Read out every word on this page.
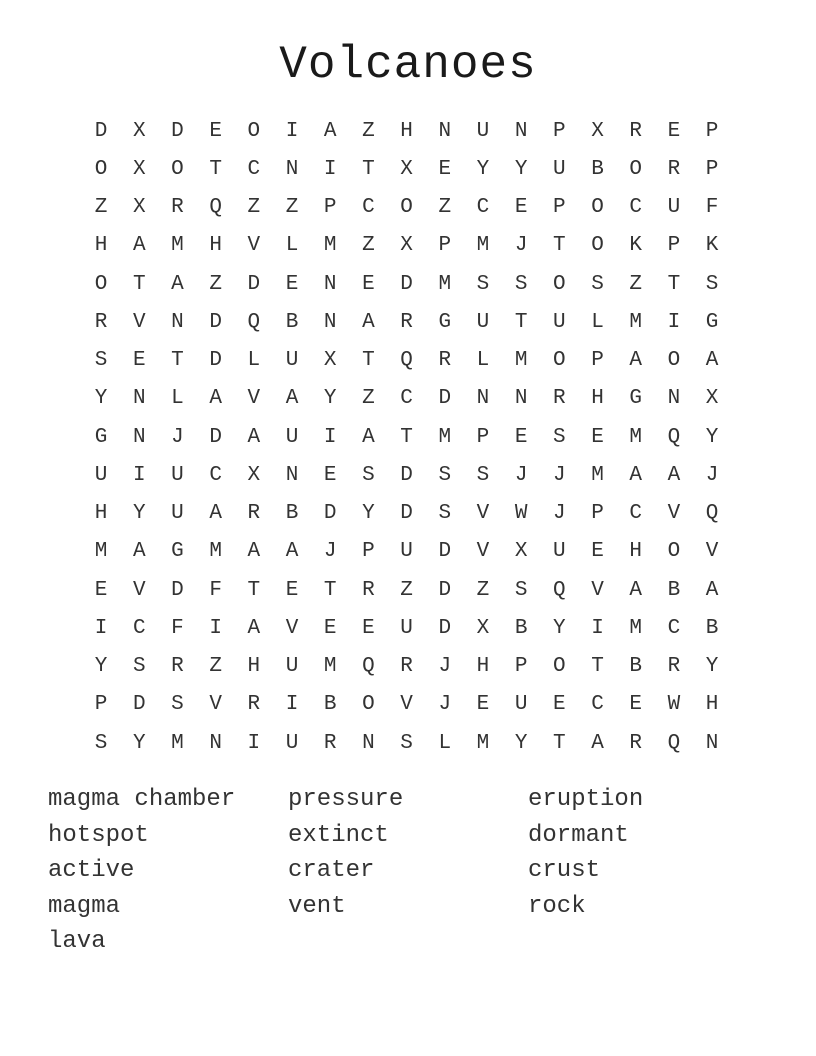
Volcanoes
D	X	D	E	O	I	A	Z	H	N	U	N	P	X	R	E	P
O	X	O	T	C	N	I	T	X	E	Y	Y	U	B	O	R	P
Z	X	R	Q	Z	Z	P	C	O	Z	C	E	P	O	C	U	F
H	A	M	H	V	L	M	Z	X	P	M	J	T	O	K	P	K
O	T	A	Z	D	E	N	E	D	M	S	S	O	S	Z	T	S
R	V	N	D	Q	B	N	A	R	G	U	T	U	L	M	I	G
S	E	T	D	L	U	X	T	Q	R	L	M	O	P	A	O	A
Y	N	L	A	V	A	Y	Z	C	D	N	N	R	H	G	N	X
G	N	J	D	A	U	I	A	T	M	P	E	S	E	M	Q	Y
U	I	U	C	X	N	E	S	D	S	S	J	J	M	A	A	J
H	Y	U	A	R	B	D	Y	D	S	V	W	J	P	C	V	Q
M	A	G	M	A	A	J	P	U	D	V	X	U	E	H	O	V
E	V	D	F	T	E	T	R	Z	D	Z	S	Q	V	A	B	A
I	C	F	I	A	V	E	E	U	D	X	B	Y	I	M	C	B
Y	S	R	Z	H	U	M	Q	R	J	H	P	O	T	B	R	Y
P	D	S	V	R	I	B	O	V	J	E	U	E	C	E	W	H
S	Y	M	N	I	U	R	N	S	L	M	Y	T	A	R	Q	N
magma chamber	pressure	eruption
hotspot	extinct	dormant
active	crater	crust
magma	vent	rock
lava
